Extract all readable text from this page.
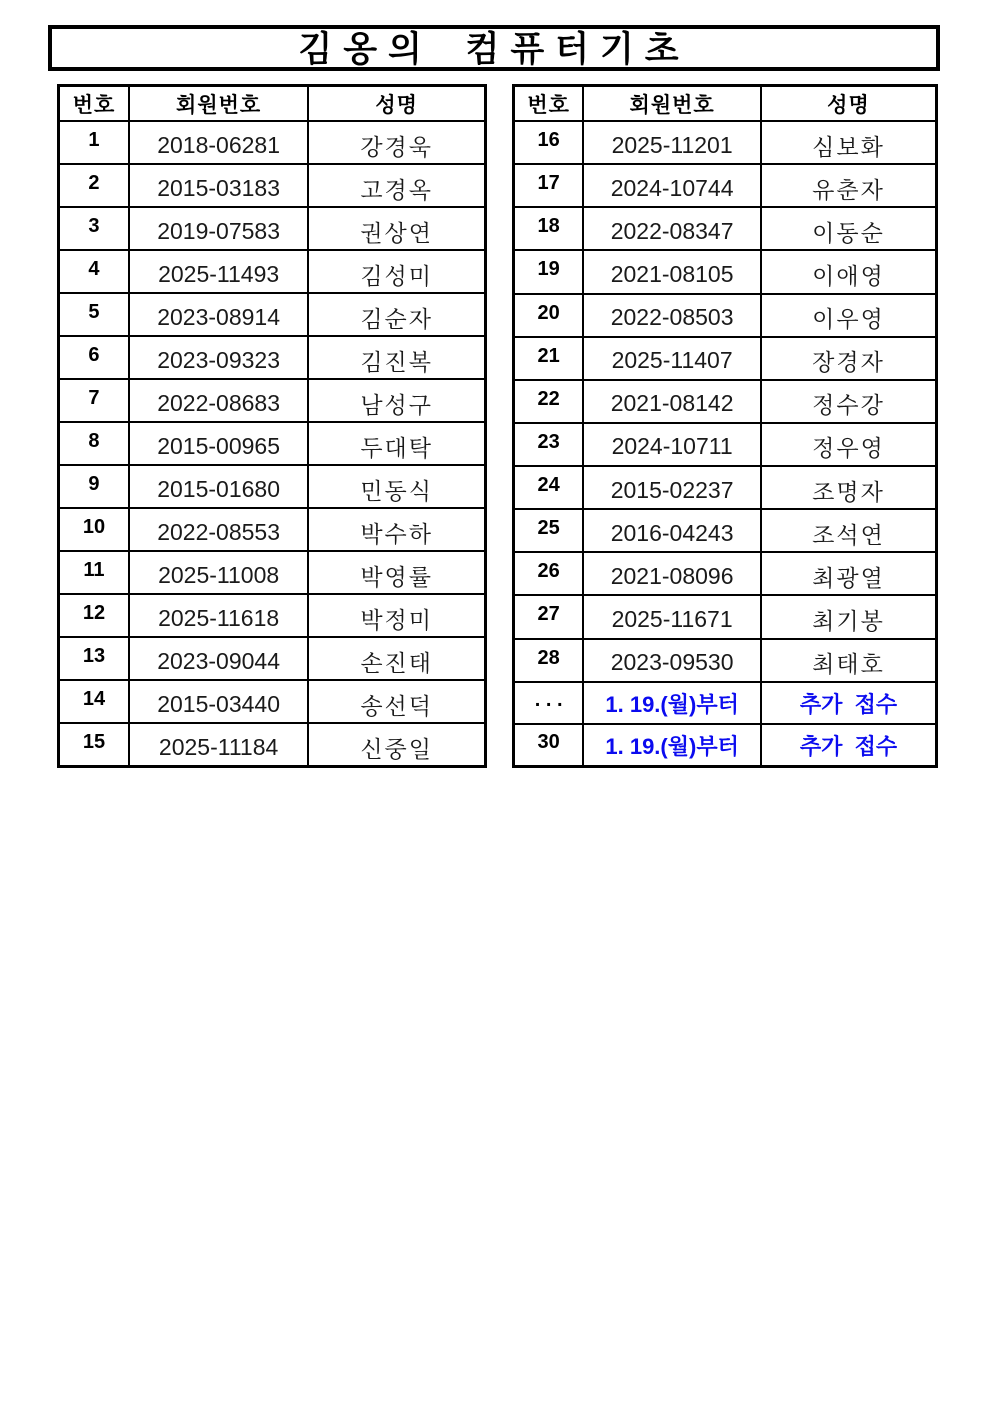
김옹의 컴퓨터기초
번호	회원번호	성명
1	2018-06281	강경욱
2	2015-03183	고경옥
3	2019-07583	권상연
4	2025-11493	김성미
5	2023-08914	김순자
6	2023-09323	김진복
7	2022-08683	남성구
8	2015-00965	두대탁
9	2015-01680	민동식
10	2022-08553	박수하
11	2025-11008	박영률
12	2025-11618	박정미
13	2023-09044	손진태
14	2015-03440	송선덕
15	2025-11184	신중일
번호	회원번호	성명
16	2025-11201	심보화
17	2024-10744	유춘자
18	2022-08347	이동순
19	2021-08105	이애영
20	2022-08503	이우영
21	2025-11407	장경자
22	2021-08142	정수강
23	2024-10711	정우영
24	2015-02237	조명자
25	2016-04243	조석연
26	2021-08096	최광열
27	2025-11671	최기봉
28	2023-09530	최태호
. . .	1. 19.(월)부터	추가  접수
30	1. 19.(월)부터	추가  접수
